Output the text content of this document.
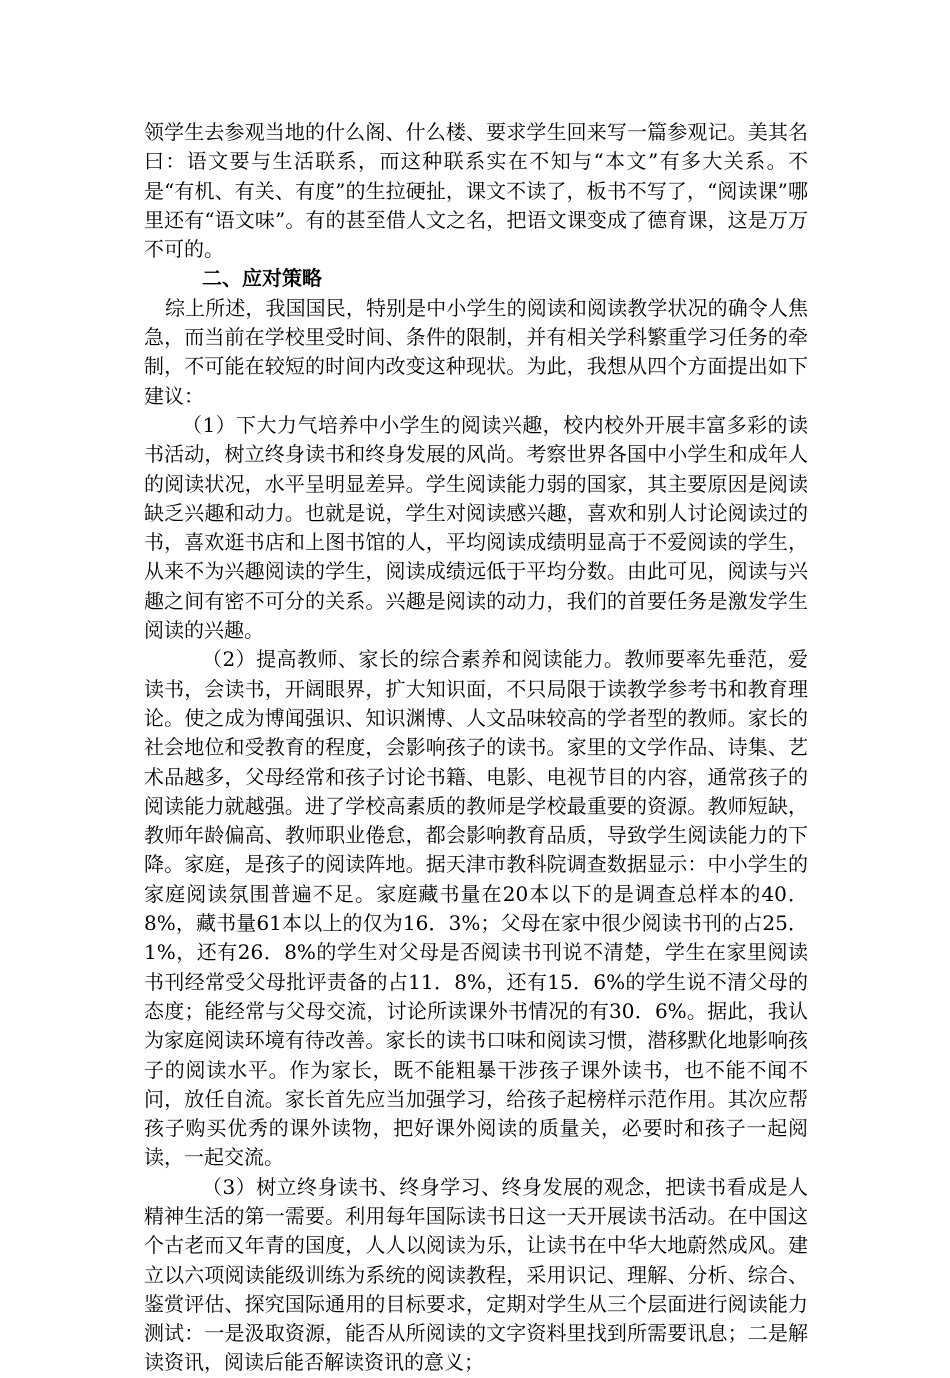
领学生去参观当地的什么阁、什么楼、要求学生回来写一篇参观记。美其名曰：语文要与生活联系，而这种联系实在不知与“本文”有多大关系。不是“有机、有关、有度”的生拉硬扯，课文不读了，板书不写了，“阅读课”哪里还有“语文味”。有的甚至借人文之名，把语文课变成了德育课，这是万万不可的。

二、应对策略

综上所述，我国国民，特别是中小学生的阅读和阅读教学状况的确令人焦急，而当前在学校里受时间、条件的限制，并有相关学科繁重学习任务的牵制，不可能在较短的时间内改变这种现状。为此，我想从四个方面提出如下建议：

（1）下大力气培养中小学生的阅读兴趣，校内校外开展丰富多彩的读书活动，树立终身读书和终身发展的风尚。考察世界各国中小学生和成年人的阅读状况，水平呈明显差异。学生阅读能力弱的国家，其主要原因是阅读缺乏兴趣和动力。也就是说，学生对阅读感兴趣，喜欢和别人讨论阅读过的书，喜欢逛书店和上图书馆的人，平均阅读成绩明显高于不爱阅读的学生，从来不为兴趣阅读的学生，阅读成绩远低于平均分数。由此可见，阅读与兴趣之间有密不可分的关系。兴趣是阅读的动力，我们的首要任务是激发学生阅读的兴趣。

（2）提高教师、家长的综合素养和阅读能力。教师要率先垂范，爱读书，会读书，开阔眼界，扩大知识面，不只局限于读教学参考书和教育理论。使之成为博闻强识、知识渊博、人文品味较高的学者型的教师。家长的社会地位和受教育的程度，会影响孩子的读书。家里的文学作品、诗集、艺术品越多，父母经常和孩子讨论书籍、电影、电视节目的内容，通常孩子的阅读能力就越强。进了学校高素质的教师是学校最重要的资源。教师短缺，教师年龄偏高、教师职业倦怠，都会影响教育品质，导致学生阅读能力的下降。家庭，是孩子的阅读阵地。据天津市教科院调查数据显示：中小学生的家庭阅读氛围普遍不足。家庭藏书量在20本以下的是调查总样本的40．8%，藏书量61本以上的仅为16．3%；父母在家中很少阅读书刊的占25．1%，还有26．8%的学生对父母是否阅读书刊说不清楚，学生在家里阅读书刊经常受父母批评责备的占11．8%，还有15．6%的学生说不清父母的态度；能经常与父母交流，讨论所读课外书情况的有30．6%。据此，我认为家庭阅读环境有待改善。家长的读书口味和阅读习惯，潜移默化地影响孩子的阅读水平。作为家长，既不能粗暴干涉孩子课外读书，也不能不闻不问，放任自流。家长首先应当加强学习，给孩子起榜样示范作用。其次应帮孩子购买优秀的课外读物，把好课外阅读的质量关，必要时和孩子一起阅读，一起交流。

（3）树立终身读书、终身学习、终身发展的观念，把读书看成是人精神生活的第一需要。利用每年国际读书日这一天开展读书活动。在中国这个古老而又年青的国度，人人以阅读为乐，让读书在中华大地蔚然成风。建立以六项阅读能级训练为系统的阅读教程，采用识记、理解、分析、综合、鉴赏评估、探究国际通用的目标要求，定期对学生从三个层面进行阅读能力测试：一是汲取资源，能否从所阅读的文字资料里找到所需要讯息；二是解读资讯，阅读后能否解读资讯的意义；
